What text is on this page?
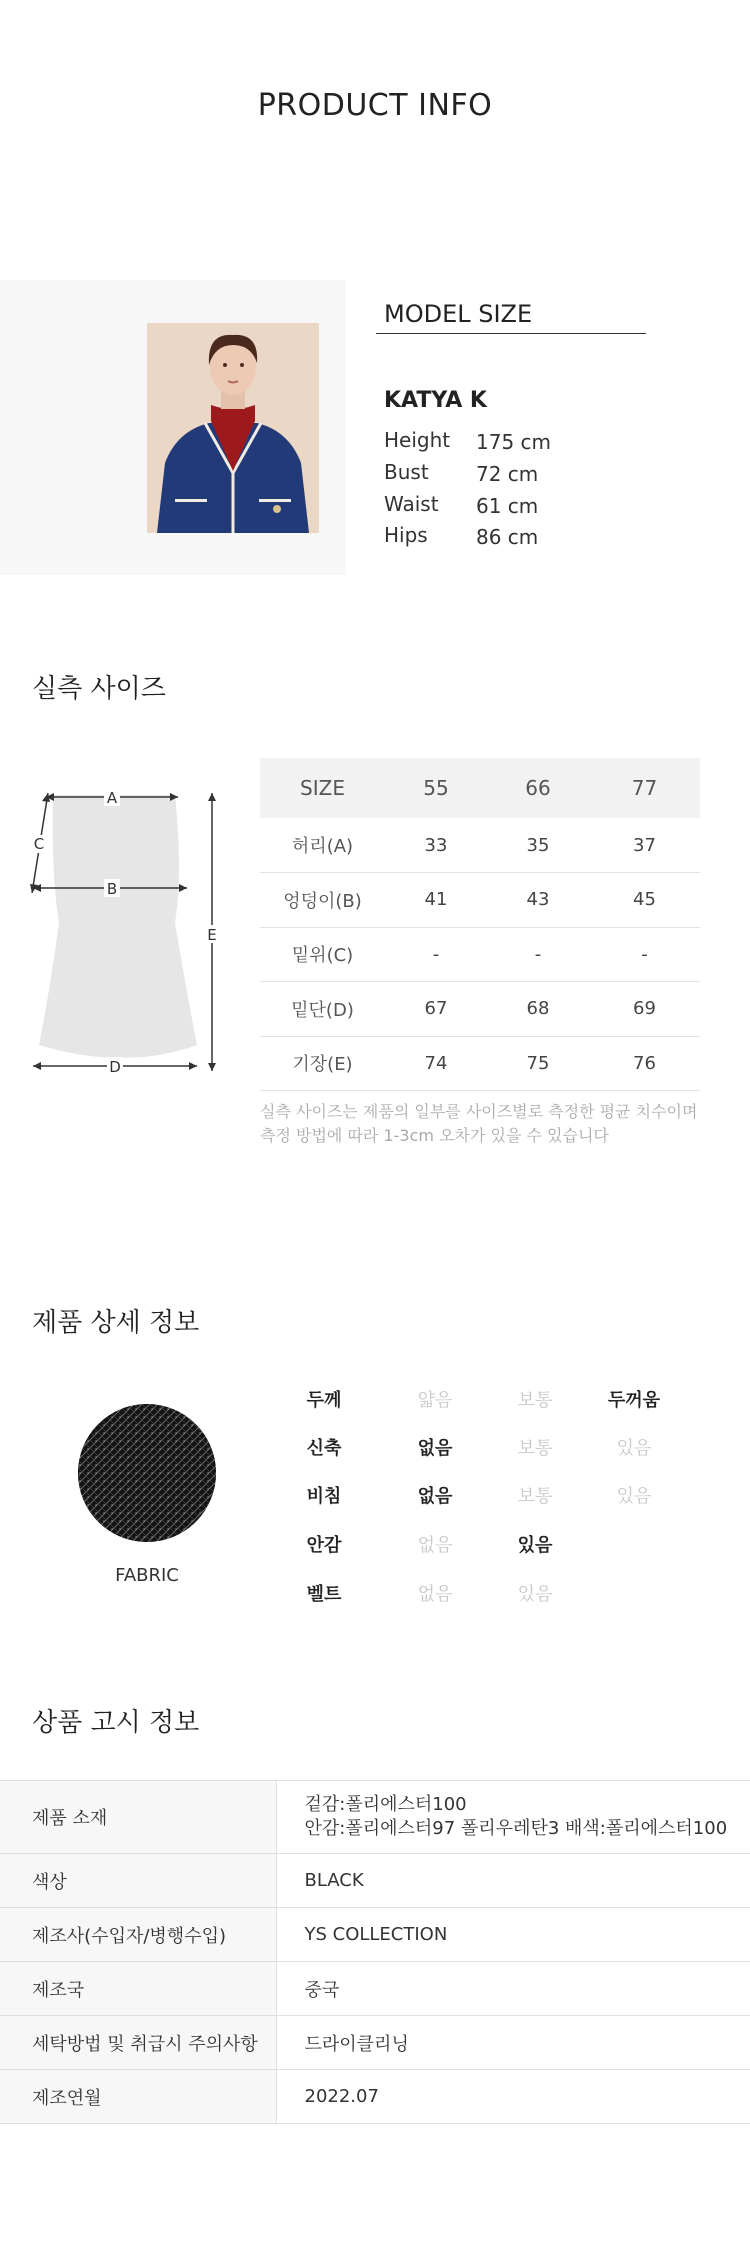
PRODUCT INFO
MODEL SIZE
KATYA K
Height 175 cm
Bust 72 cm
Waist 61 cm
Hips 86 cm
실측 사이즈
A
B
C
D
E
SIZE	55	66	77
허리(A)	33	35	37
엉덩이(B)	41	43	45
밑위(C)	-	-	-
밑단(D)	67	68	69
기장(E)	74	75	76
실측 사이즈는 제품의 일부를 사이즈별로 측정한 평균 치수이며
측정 방법에 따라 1-3cm 오차가 있을 수 있습니다
제품 상세 정보
FABRIC
두께	얇음	보통	두꺼움
신축	없음	보통	있음
비침	없음	보통	있음
안감	없음	있음
벨트	없음	있음
상품 고시 정보
제품 소재	겉감:폴리에스터100
안감:폴리에스터97 폴리우레탄3 배색:폴리에스터100

색상	BLACK
제조사(수입자/병행수입)	YS COLLECTION
제조국	중국
세탁방법 및 취급시 주의사항	드라이클리닝
제조연월	2022.07
